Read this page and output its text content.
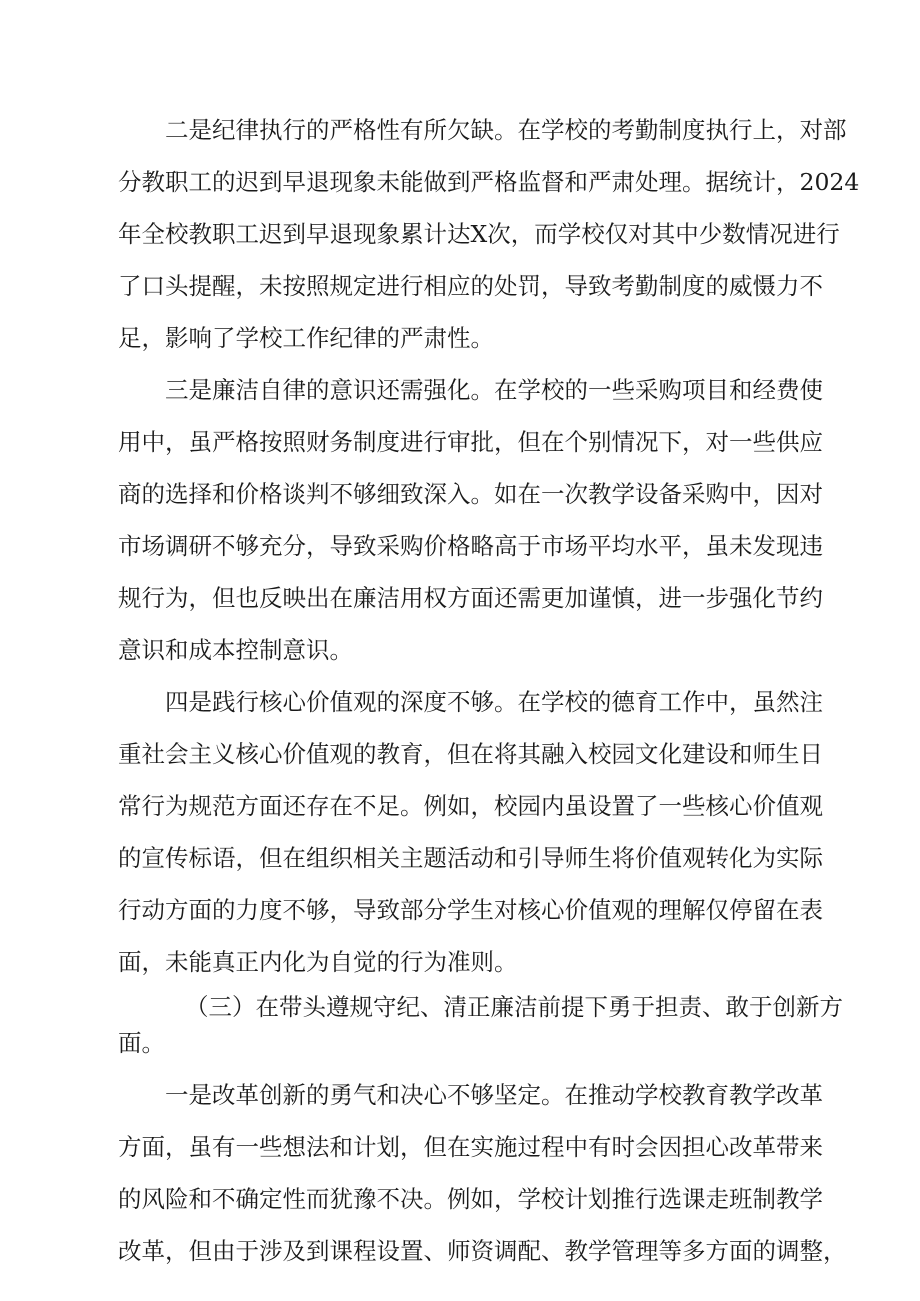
二是纪律执行的严格性有所欠缺。在学校的考勤制度执行上，对部
分教职工的迟到早退现象未能做到严格监督和严肃处理。据统计，2024
年全校教职工迟到早退现象累计达X次，而学校仅对其中少数情况进行
了口头提醒，未按照规定进行相应的处罚，导致考勤制度的威慑力不
足，影响了学校工作纪律的严肃性。
三是廉洁自律的意识还需强化。在学校的一些采购项目和经费使
用中，虽严格按照财务制度进行审批，但在个别情况下，对一些供应
商的选择和价格谈判不够细致深入。如在一次教学设备采购中，因对
市场调研不够充分，导致采购价格略高于市场平均水平，虽未发现违
规行为，但也反映出在廉洁用权方面还需更加谨慎，进一步强化节约
意识和成本控制意识。
四是践行核心价值观的深度不够。在学校的德育工作中，虽然注
重社会主义核心价值观的教育，但在将其融入校园文化建设和师生日
常行为规范方面还存在不足。例如，校园内虽设置了一些核心价值观
的宣传标语，但在组织相关主题活动和引导师生将价值观转化为实际
行动方面的力度不够，导致部分学生对核心价值观的理解仅停留在表
面，未能真正内化为自觉的行为准则。
（三）在带头遵规守纪、清正廉洁前提下勇于担责、敢于创新方
面。
一是改革创新的勇气和决心不够坚定。在推动学校教育教学改革
方面，虽有一些想法和计划，但在实施过程中有时会因担心改革带来
的风险和不确定性而犹豫不决。例如，学校计划推行选课走班制教学
改革，但由于涉及到课程设置、师资调配、教学管理等多方面的调整，
